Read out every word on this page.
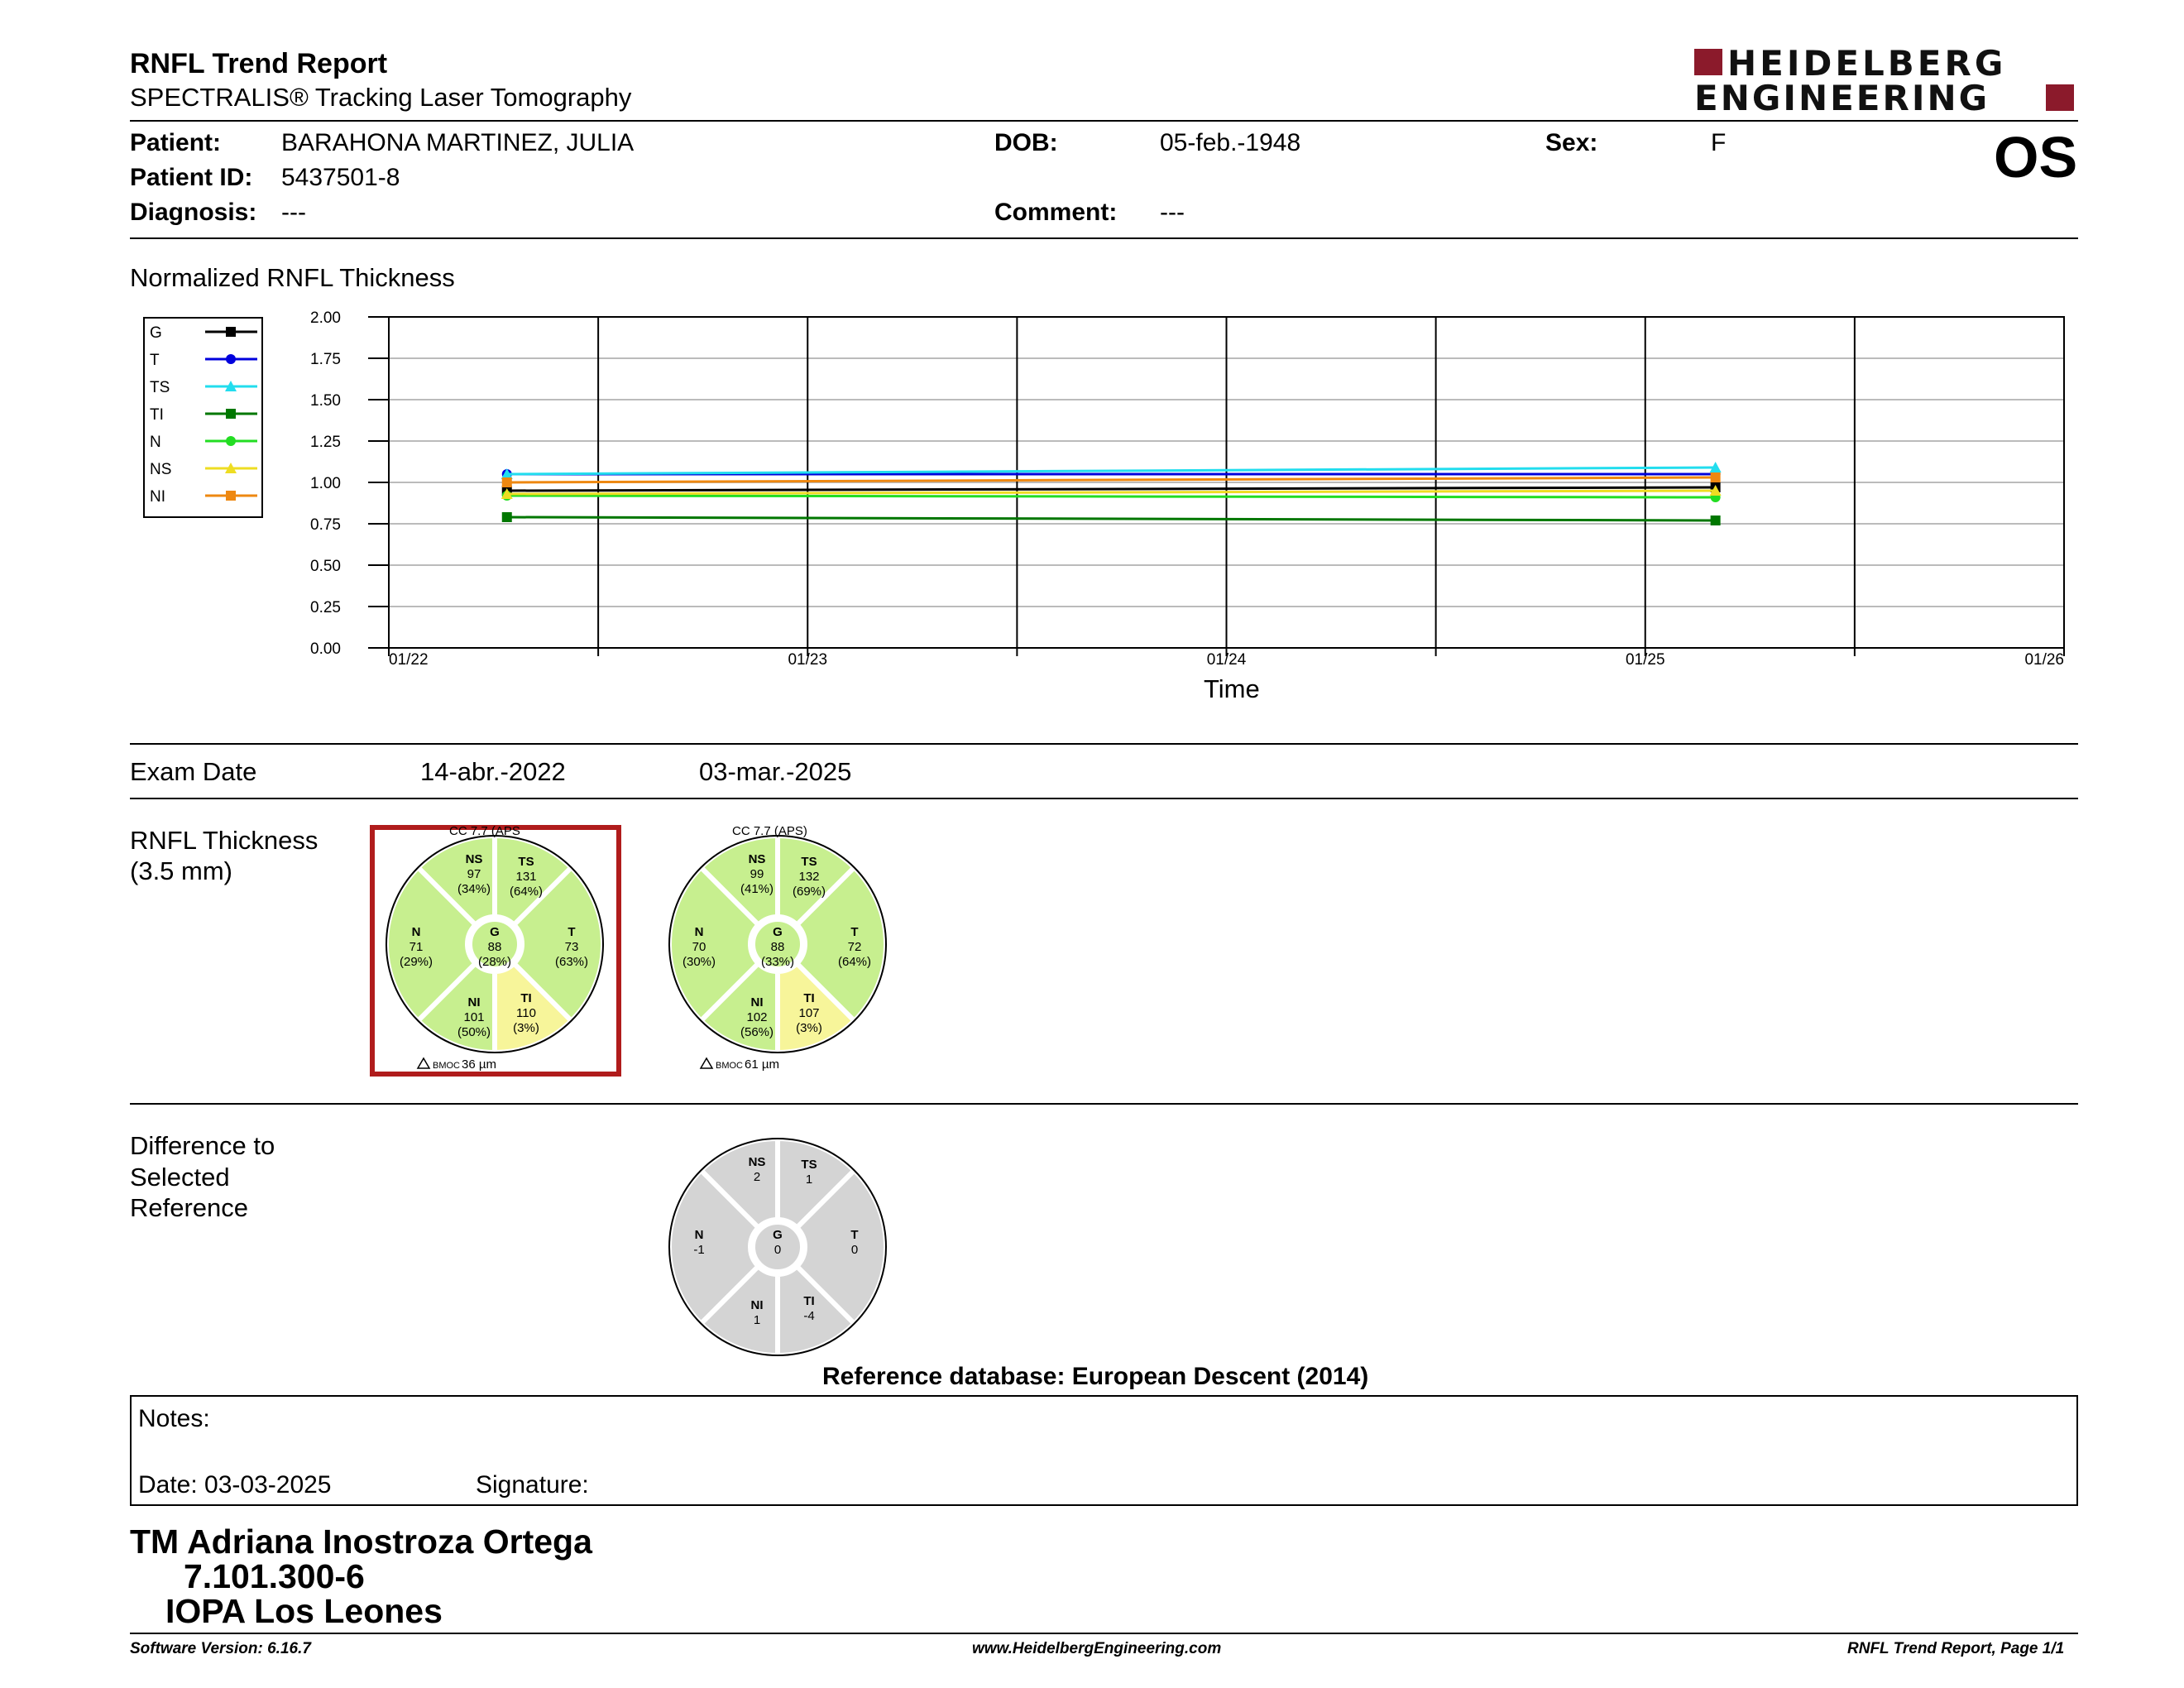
RNFL Trend Report
SPECTRALIS® Tracking Laser Tomography
HEIDELBERG
ENGINEERING
Patient: BARAHONA MARTINEZ, JULIA
Patient ID: 5437501-8
Diagnosis: ---
DOB:	05-feb.-1948
Comment: ---
Sex:	F	OS
Normalized RNFL Thickness
G
T
TS
TI
N
NS
NI
0.00
0.25
0.50
0.75
1.00
1.25
1.50
1.75
2.00
01/22	01/23	01/24	01/25	01/26
Time
Exam Date	14-abr.-2022	03-mar.-2025
RNFL Thickness
(3.5 mm)	NS
97
(34%)
TS
131
(64%)
N
71
(29%)
T
73
(63%)
NI
101
(50%)
TI
110
(3%)
G
88
(28%)
CC 7.7 (APS
BMOC 36 µm
NS
99
(41%)
TS
132
(69%)
N
70
(30%)
T
72
(64%)
NI
102
(56%)
TI
107
(3%)
G
88
(33%)
CC 7.7 (APS)
BMOC 61 µm
NS
2
TS
1
N
-1
T
0
NI
1
TI
-4
G
0
Difference to
Selected
Reference
Reference database: European Descent (2014)
Notes:
Date: 03-03-2025	Signature:
TM Adriana Inostroza Ortega
7.101.300-6
IOPA Los Leones
Software Version: 6.16.7	www.HeidelbergEngineering.com	RNFL Trend Report, Page 1/1
